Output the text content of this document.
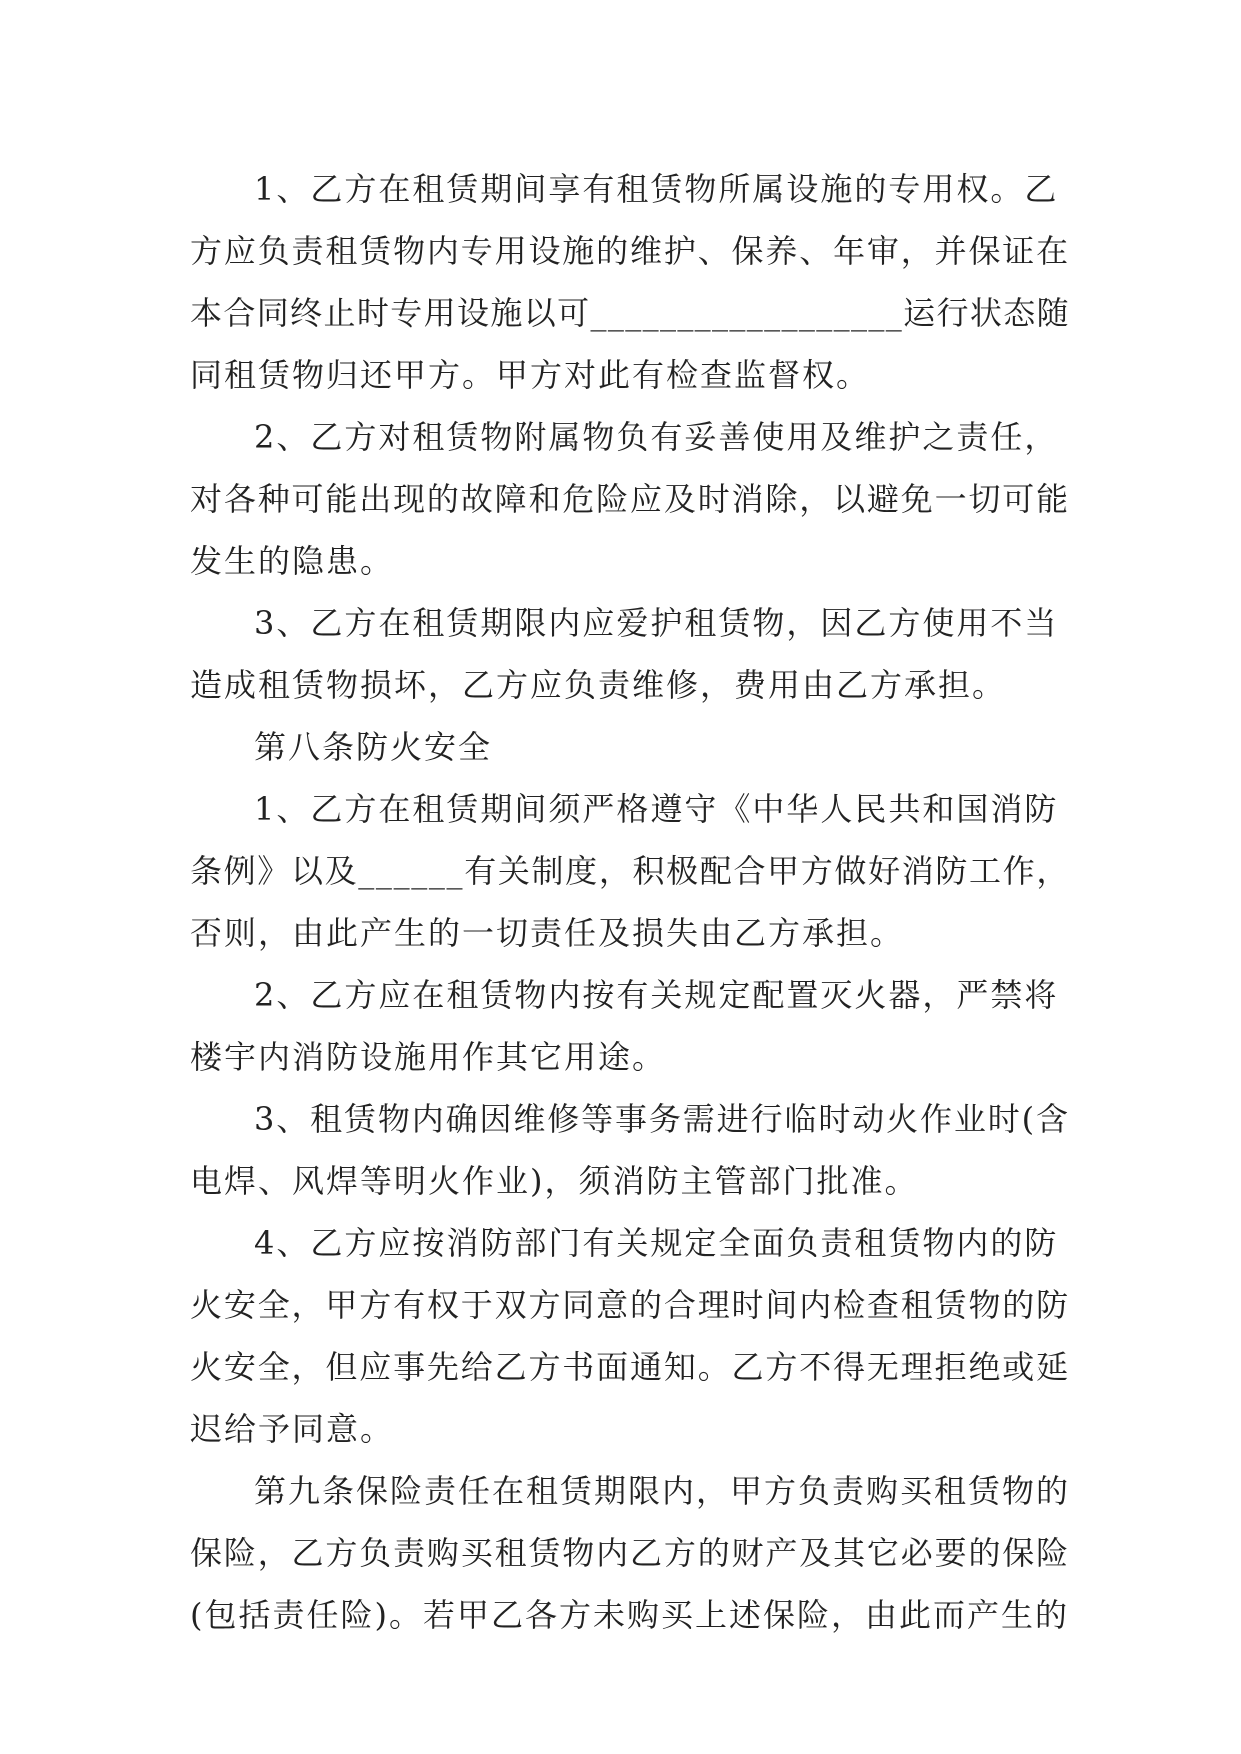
1、乙方在租赁期间享有租赁物所属设施的专用权。乙
方应负责租赁物内专用设施的维护、保养、年审，并保证在
本合同终止时专用设施以可__________________运行状态随
同租赁物归还甲方。甲方对此有检查监督权。
2、乙方对租赁物附属物负有妥善使用及维护之责任，
对各种可能出现的故障和危险应及时消除，以避免一切可能
发生的隐患。
3、乙方在租赁期限内应爱护租赁物，因乙方使用不当
造成租赁物损坏，乙方应负责维修，费用由乙方承担。
第八条防火安全
1、乙方在租赁期间须严格遵守《中华人民共和国消防
条例》以及______有关制度，积极配合甲方做好消防工作，
否则，由此产生的一切责任及损失由乙方承担。
2、乙方应在租赁物内按有关规定配置灭火器，严禁将
楼宇内消防设施用作其它用途。
3、租赁物内确因维修等事务需进行临时动火作业时(含
电焊、风焊等明火作业)，须消防主管部门批准。
4、乙方应按消防部门有关规定全面负责租赁物内的防
火安全，甲方有权于双方同意的合理时间内检查租赁物的防
火安全，但应事先给乙方书面通知。乙方不得无理拒绝或延
迟给予同意。
第九条保险责任在租赁期限内，甲方负责购买租赁物的
保险，乙方负责购买租赁物内乙方的财产及其它必要的保险
(包括责任险)。若甲乙各方未购买上述保险，由此而产生的
